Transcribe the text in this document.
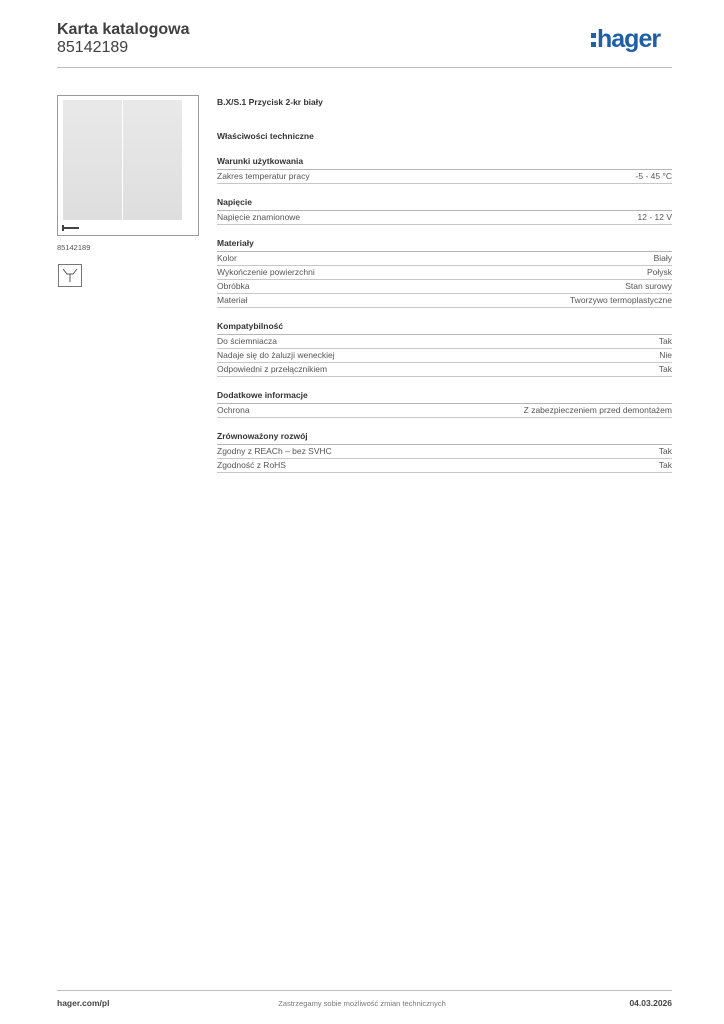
Karta katalogowa
85142189	hager
85142189
B.X/S.1 Przycisk 2-kr biały
Właściwości techniczne
Warunki użytkowania
Zakres temperatur pracy	-5 - 45 °C
Napięcie
Napięcie znamionowe	12 - 12 V
Materiały
Kolor	Biały
Wykończenie powierzchni	Połysk
Obróbka	Stan surowy
Materiał	Tworzywo termoplastyczne
Kompatybilność
Do ściemniacza	Tak
Nadaje się do żaluzji weneckiej	Nie
Odpowiedni z przełącznikiem	Tak
Dodatkowe informacje
Ochrona	Z zabezpieczeniem przed demontażem
Zrównoważony rozwój
Zgodny z REACh – bez SVHC	Tak
Zgodność z RoHS	Tak
hager.com/pl	Zastrzegamy sobie możliwość zmian technicznych	04.03.2026
